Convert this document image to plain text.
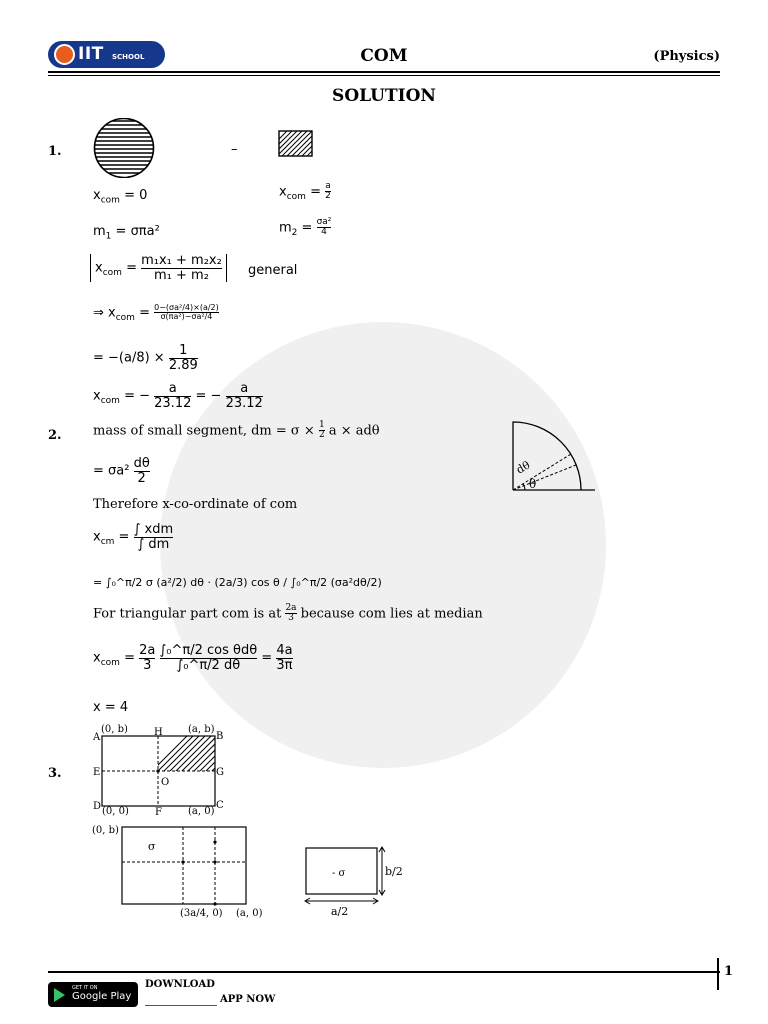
IIT SCHOOL	COM	(Physics)
SOLUTION
1.	–
$x_{com} = 0$	$x_{com} = \frac{a}{2}$
$m_1 = \sigma\pi a^2$	$m_2 = \frac{\text{σa²}}{4}$
$x_{com} = \frac{\text{m₁x₁ + m₂x₂}}{\text{m₁ + m₂}}$ general
⇒ $x_{com} = \frac{\text{0−(σa²/4)×(a/2)}}{\text{σ(πa²)−σa²/4}}$
= $-(a/8) \times \frac{1}{2.89}$
$x_{com}$ = − $\frac{a}{23.12}$ = − $\frac{a}{23.12}$
2. mass of small segment, dm = $\sigma \times \frac{1}{2}$ a × adθ
= $\sigma a^2 \frac{d\theta}{2}$	dθ
θ
Therefore x-co-ordinate of com
$x_{cm} = \frac{\text{∫ xdm}}{\int dm}$
= ∫₀^π/2 σ (a²/2) dθ · (2a/3) cos θ / ∫₀^π/2 (σa²dθ/2)
For triangular part com is at $\frac{2a}{3}$ because com lies at median
$x_{com} = \frac{2a}{3}$
$\frac{\text{∫₀\textasciicircum{}π/2 cos θdθ}}{\text{∫₀\textasciicircum{}π/2 dθ}} = \frac{4a}{3\pi}$
x = 4
3.
A
(0, b)	H	(a, b)
B
E	G
O
D (0, 0)	F	(a, 0)
C
(0, b)
σ
(3a/4, 0) (a, 0)
- σ	b/2
a/2
1
GET IT ON
Google Play
DOWNLOAD
APP NOW
